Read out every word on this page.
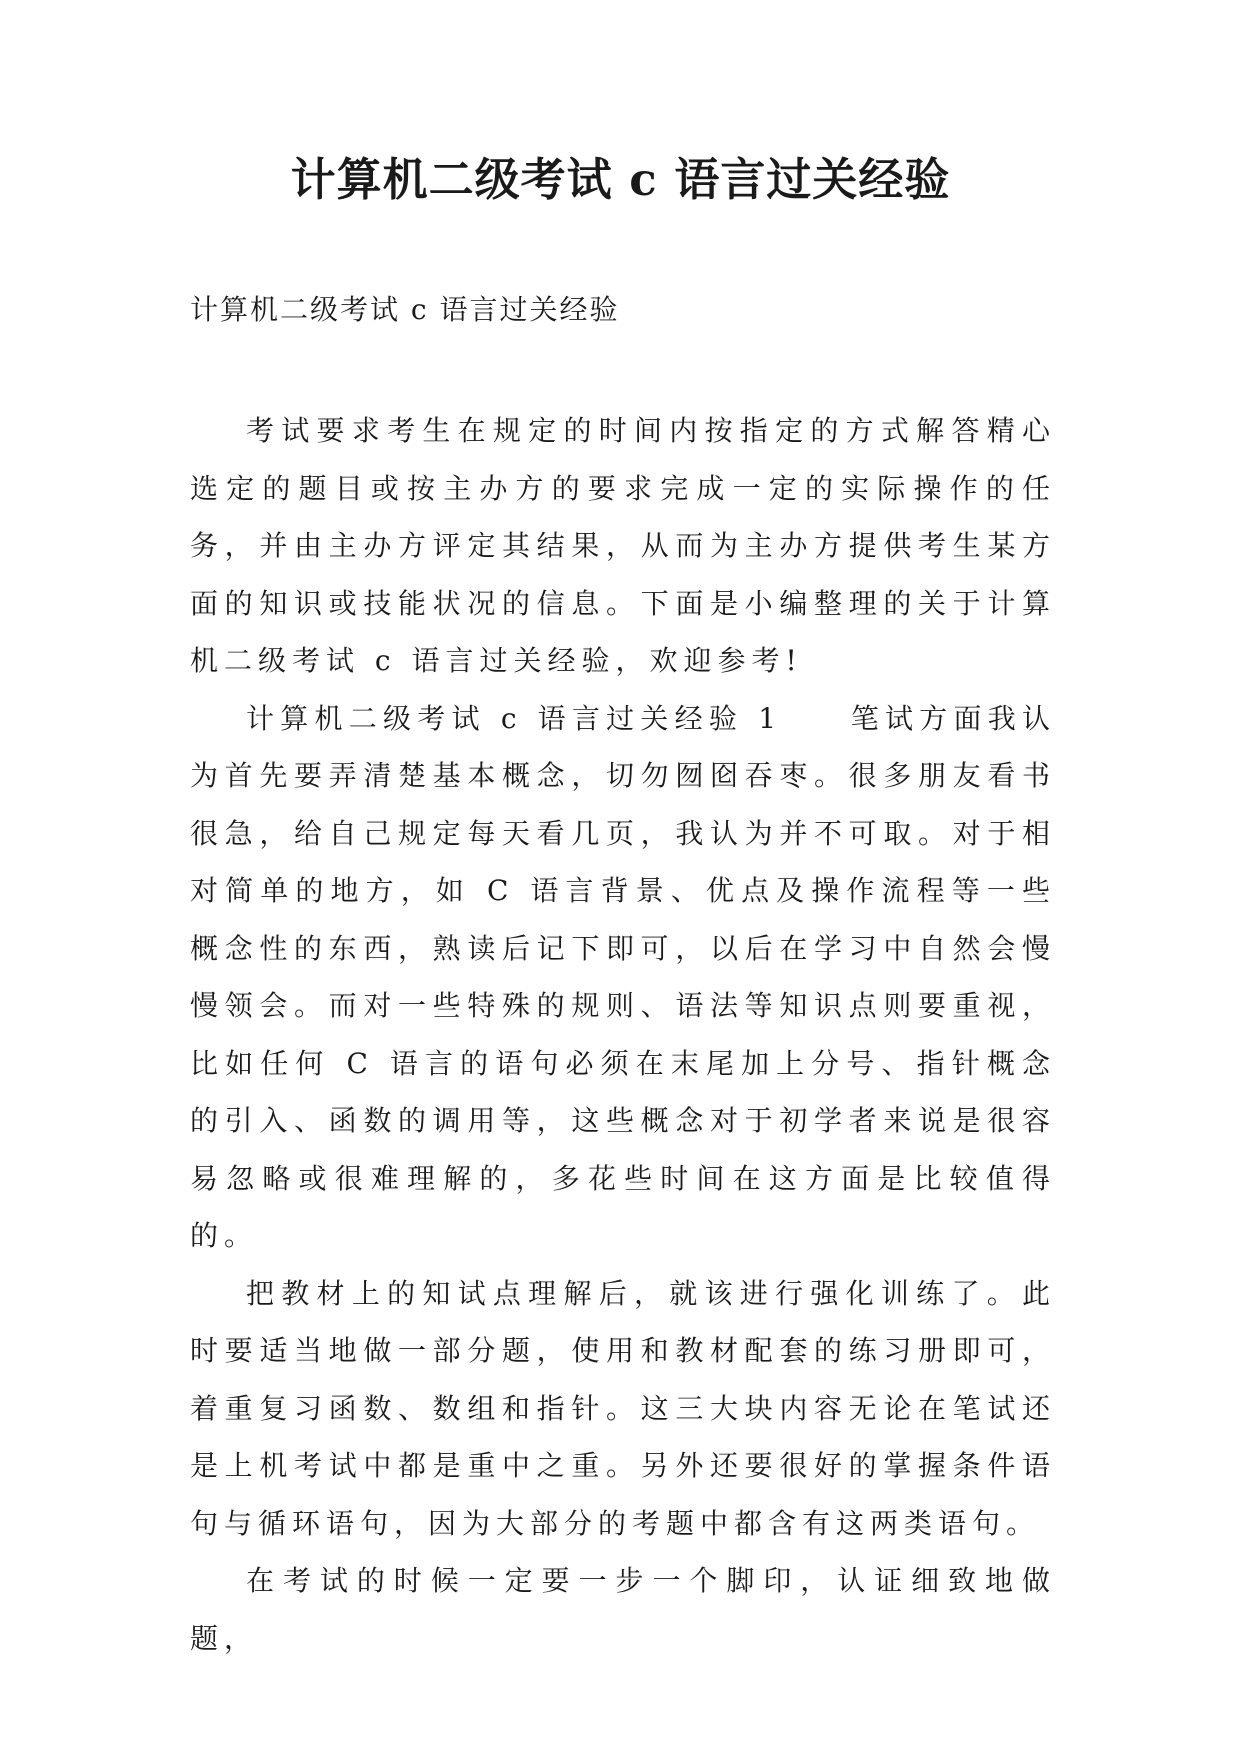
计算机二级考试 c 语言过关经验

计算机二级考试 c 语言过关经验

考试要求考生在规定的时间内按指定的方式解答精心选定的题目或按主办方的要求完成一定的实际操作的任务，并由主办方评定其结果，从而为主办方提供考生某方面的知识或技能状况的信息。下面是小编整理的关于计算机二级考试 c 语言过关经验，欢迎参考!

计算机二级考试 c 语言过关经验 1　　笔试方面我认为首先要弄清楚基本概念，切勿囫囵吞枣。很多朋友看书很急，给自己规定每天看几页，我认为并不可取。对于相对简单的地方，如 C 语言背景、优点及操作流程等一些概念性的东西，熟读后记下即可，以后在学习中自然会慢慢领会。而对一些特殊的规则、语法等知识点则要重视，比如任何 C 语言的语句必须在末尾加上分号、指针概念的引入、函数的调用等，这些概念对于初学者来说是很容易忽略或很难理解的，多花些时间在这方面是比较值得的。

把教材上的知试点理解后，就该进行强化训练了。此时要适当地做一部分题，使用和教材配套的练习册即可，着重复习函数、数组和指针。这三大块内容无论在笔试还是上机考试中都是重中之重。另外还要很好的掌握条件语句与循环语句，因为大部分的考题中都含有这两类语句。

在考试的时候一定要一步一个脚印，认证细致地做题，
